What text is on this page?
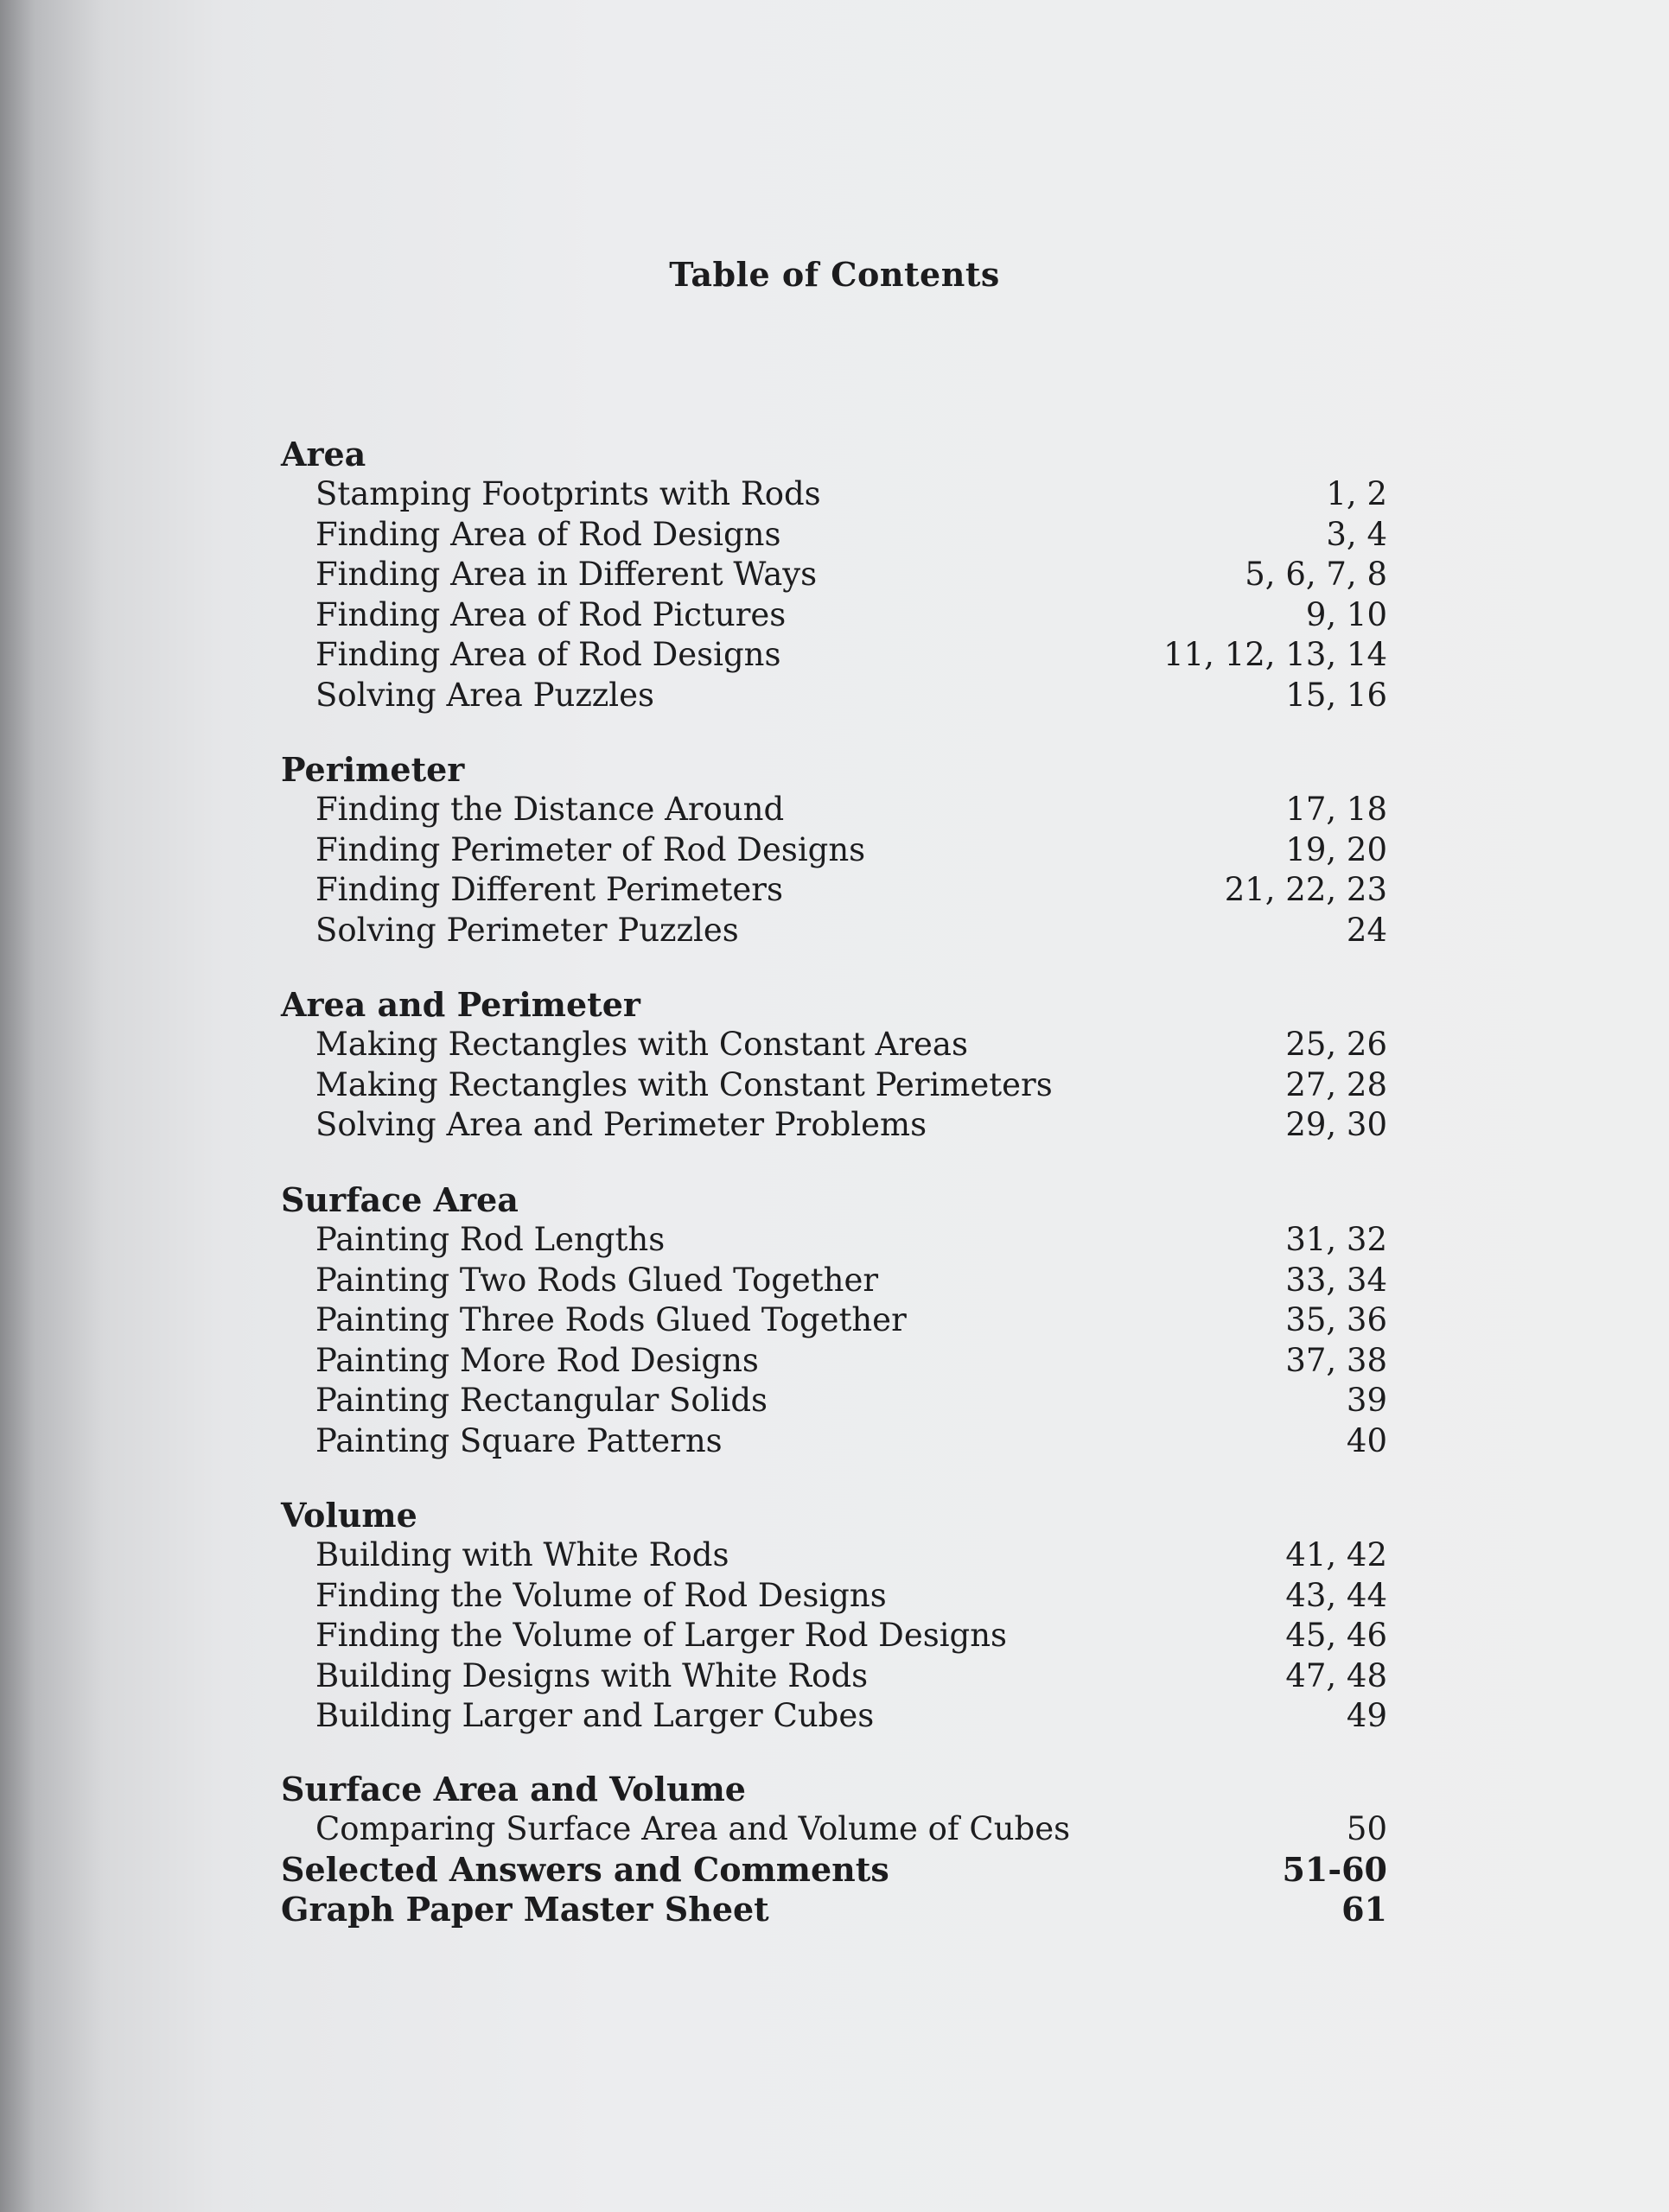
Table of Contents
Area
Stamping Footprints with Rods	1, 2
Finding Area of Rod Designs	3, 4
Finding Area in Different Ways	5, 6, 7, 8
Finding Area of Rod Pictures	9, 10
Finding Area of Rod Designs	11, 12, 13, 14
Solving Area Puzzles	15, 16
Perimeter
Finding the Distance Around	17, 18
Finding Perimeter of Rod Designs	19, 20
Finding Different Perimeters	21, 22, 23
Solving Perimeter Puzzles	24
Area and Perimeter
Making Rectangles with Constant Areas	25, 26
Making Rectangles with Constant Perimeters	27, 28
Solving Area and Perimeter Problems	29, 30
Surface Area
Painting Rod Lengths	31, 32
Painting Two Rods Glued Together	33, 34
Painting Three Rods Glued Together	35, 36
Painting More Rod Designs	37, 38
Painting Rectangular Solids	39
Painting Square Patterns	40
Volume
Building with White Rods	41, 42
Finding the Volume of Rod Designs	43, 44
Finding the Volume of Larger Rod Designs	45, 46
Building Designs with White Rods	47, 48
Building Larger and Larger Cubes	49
Surface Area and Volume
Comparing Surface Area and Volume of Cubes	50
Selected Answers and Comments	51-60
Graph Paper Master Sheet	61
